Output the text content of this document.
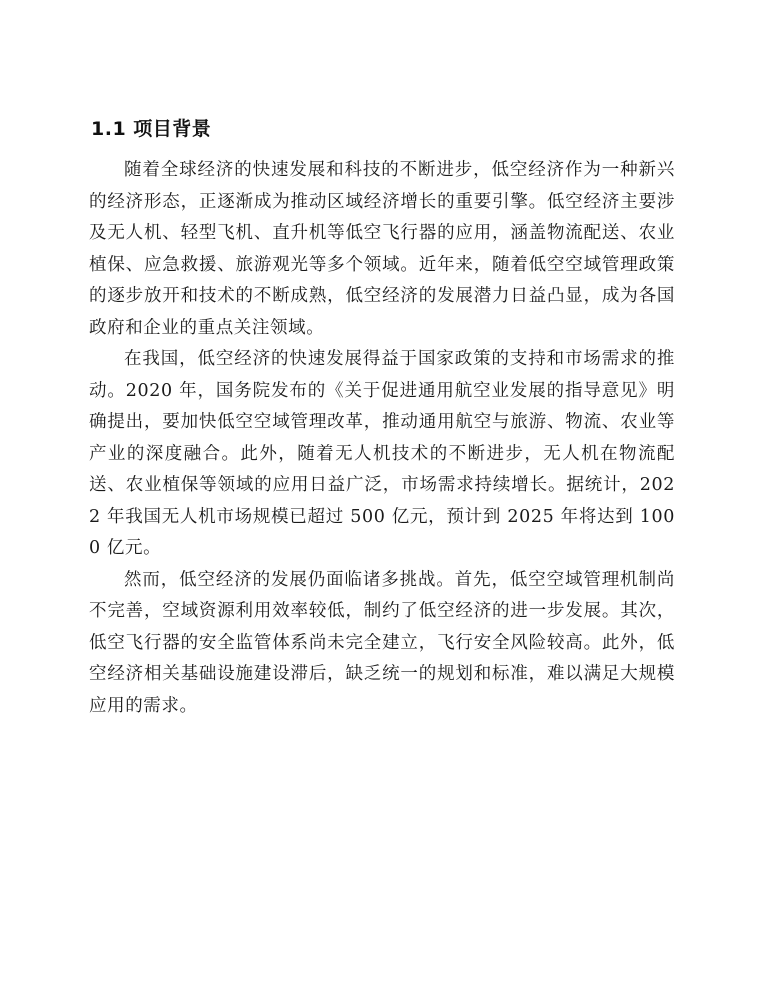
1.1 项目背景

随着全球经济的快速发展和科技的不断进步，低空经济作为一种新兴的经济形态，正逐渐成为推动区域经济增长的重要引擎。低空经济主要涉及无人机、轻型飞机、直升机等低空飞行器的应用，涵盖物流配送、农业植保、应急救援、旅游观光等多个领域。近年来，随着低空空域管理政策的逐步放开和技术的不断成熟，低空经济的发展潜力日益凸显，成为各国政府和企业的重点关注领域。

在我国，低空经济的快速发展得益于国家政策的支持和市场需求的推动。2020 年，国务院发布的《关于促进通用航空业发展的指导意见》明确提出，要加快低空空域管理改革，推动通用航空与旅游、物流、农业等产业的深度融合。此外，随着无人机技术的不断进步，无人机在物流配送、农业植保等领域的应用日益广泛，市场需求持续增长。据统计，2022 年我国无人机市场规模已超过 500 亿元，预计到 2025 年将达到 1000 亿元。

然而，低空经济的发展仍面临诸多挑战。首先，低空空域管理机制尚不完善，空域资源利用效率较低，制约了低空经济的进一步发展。其次，低空飞行器的安全监管体系尚未完全建立，飞行安全风险较高。此外，低空经济相关基础设施建设滞后，缺乏统一的规划和标准，难以满足大规模应用的需求。
